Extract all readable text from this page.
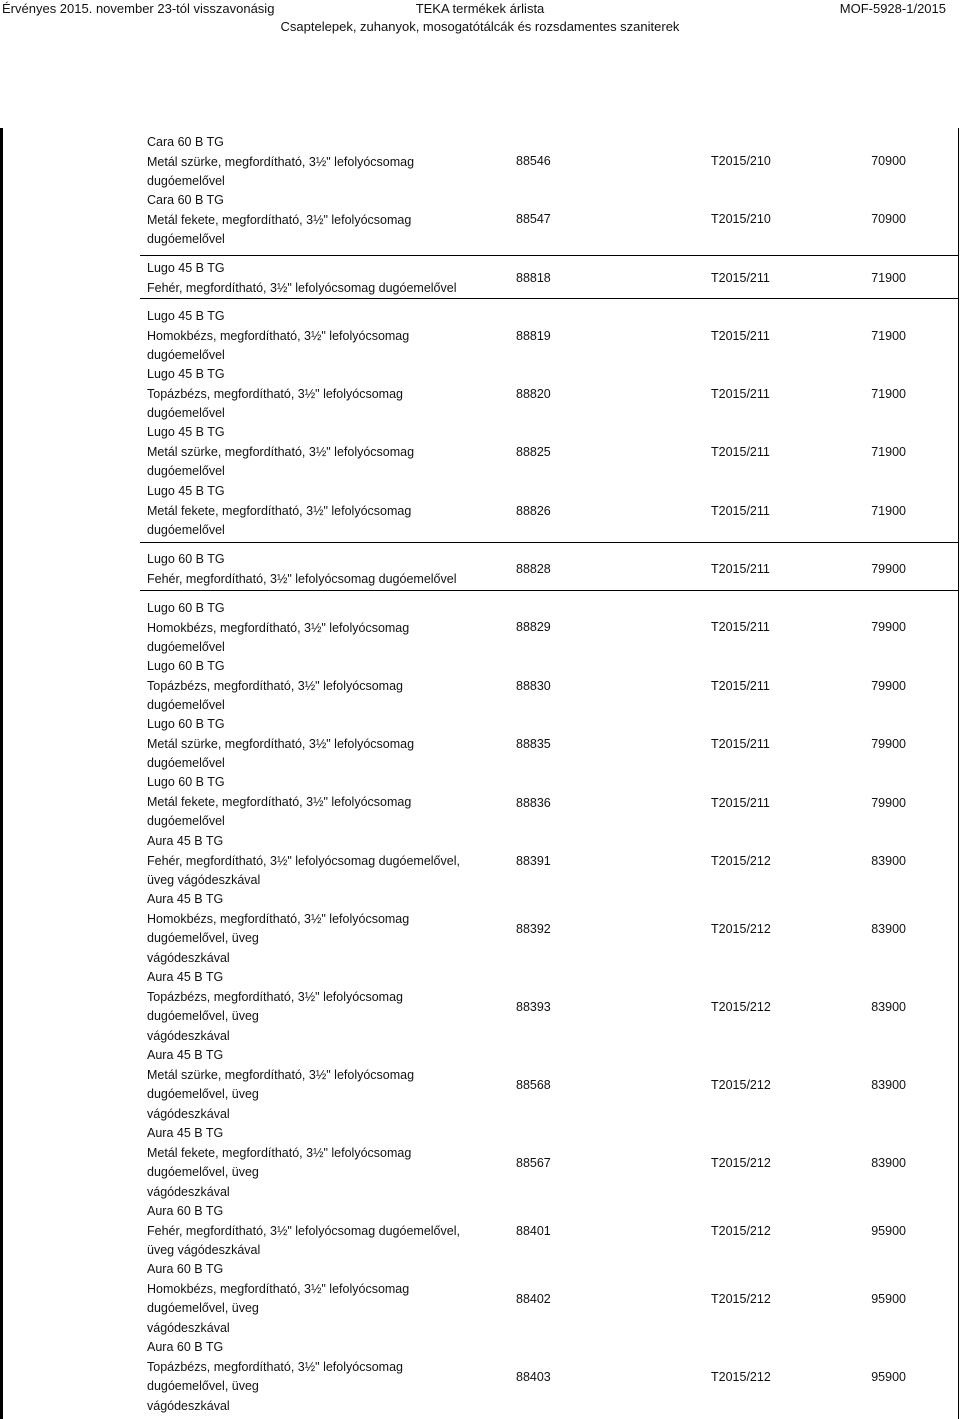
Érvényes 2015. november 23-tól visszavonásig	TEKA termékek árlista	MOF-5928-1/2015
Csaptelepek, zuhanyok, mosogatótálcák és rozsdamentes szaniterek
Cara 60 B TG
Metál szürke, megfordítható, 3½" lefolyócsomag
dugóemelővel
88546	T2015/210	70900
Cara 60 B TG
Metál fekete, megfordítható, 3½" lefolyócsomag
dugóemelővel
88547	T2015/210	70900
Lugo 45 B TG
Fehér, megfordítható, 3½" lefolyócsomag dugóemelővel
88818	T2015/211	71900
Lugo 45 B TG
Homokbézs, megfordítható, 3½" lefolyócsomag
dugóemelővel
88819	T2015/211	71900
Lugo 45 B TG
Topázbézs, megfordítható, 3½" lefolyócsomag
dugóemelővel
88820	T2015/211	71900
Lugo 45 B TG
Metál szürke, megfordítható, 3½" lefolyócsomag
dugóemelővel
88825	T2015/211	71900
Lugo 45 B TG
Metál fekete, megfordítható, 3½" lefolyócsomag
dugóemelővel
88826	T2015/211	71900
Lugo 60 B TG
Fehér, megfordítható, 3½" lefolyócsomag dugóemelővel
88828	T2015/211	79900
Lugo 60 B TG
Homokbézs, megfordítható, 3½" lefolyócsomag
dugóemelővel
88829	T2015/211	79900
Lugo 60 B TG
Topázbézs, megfordítható, 3½" lefolyócsomag
dugóemelővel
88830	T2015/211	79900
Lugo 60 B TG
Metál szürke, megfordítható, 3½" lefolyócsomag
dugóemelővel
88835	T2015/211	79900
Lugo 60 B TG
Metál fekete, megfordítható, 3½" lefolyócsomag
dugóemelővel
88836	T2015/211	79900
Aura 45 B TG
Fehér, megfordítható, 3½" lefolyócsomag dugóemelővel,
üveg vágódeszkával
88391	T2015/212	83900
Aura 45 B TG
Homokbézs, megfordítható, 3½" lefolyócsomag
dugóemelővel, üveg
vágódeszkával
88392	T2015/212	83900
Aura 45 B TG
Topázbézs, megfordítható, 3½" lefolyócsomag
dugóemelővel, üveg
vágódeszkával
88393	T2015/212	83900
Aura 45 B TG
Metál szürke, megfordítható, 3½" lefolyócsomag
dugóemelővel, üveg
vágódeszkával
88568	T2015/212	83900
Aura 45 B TG
Metál fekete, megfordítható, 3½" lefolyócsomag
dugóemelővel, üveg
vágódeszkával
88567	T2015/212	83900
Aura 60 B TG
Fehér, megfordítható, 3½" lefolyócsomag dugóemelővel,
üveg vágódeszkával
88401	T2015/212	95900
Aura 60 B TG
Homokbézs, megfordítható, 3½" lefolyócsomag
dugóemelővel, üveg
vágódeszkával
88402	T2015/212	95900
Aura 60 B TG
Topázbézs, megfordítható, 3½" lefolyócsomag
dugóemelővel, üveg
vágódeszkával
88403	T2015/212	95900
